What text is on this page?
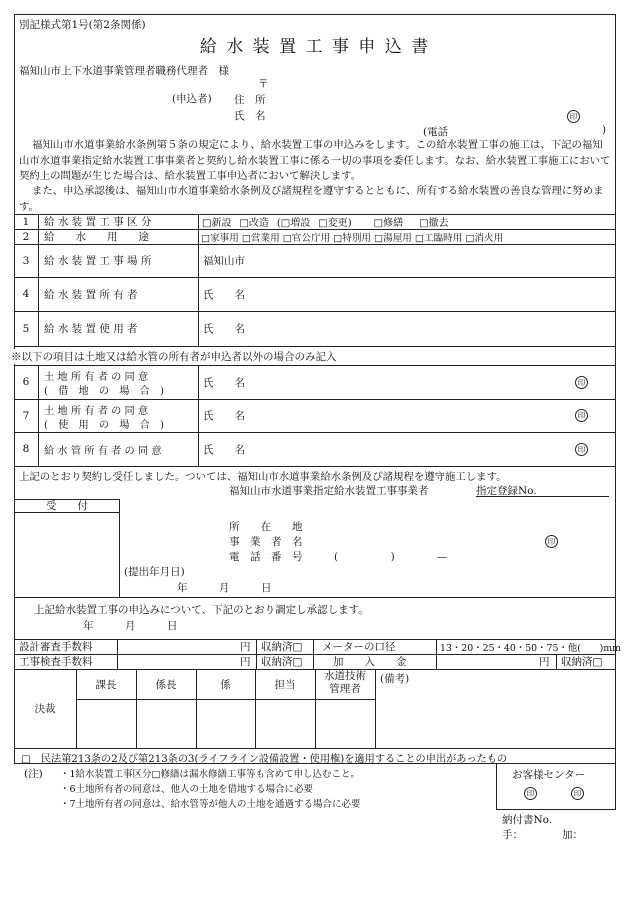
別記様式第1号(第2条関係)
給 水 装 置 工 事 申 込 書
福知山市上下水道事業管理者職務代理者　様
〒
(申込者) 住　所
氏　名	印
(電話	)
福知山市水道事業給水条例第５条の規定により、給水装置工事の申込みをします。この給水装置工事の施工は、下記の福知山市水道事業指定給水装置工事事業者と契約し給水装置工事に係る一切の事項を委任します。なお、給水装置工事施工において契約上の問題が生じた場合は、給水装置工事申込者において解決します。
また、申込承認後は、福知山市水道事業給水条例及び諸規程を遵守するとともに、所有する給水装置の善良な管理に努めます。
1	給 水 装 置 工 事 区 分	□新設 □改造 (□増設 □変更) □修繕 □撤去
2	給　　水　　用　　途	□家事用 □営業用 □官公庁用 □特別用 □湯屋用 □工臨時用 □消火用
3	給 水 装 置 工 事 場 所	福知山市
4	給 水 装 置 所 有 者	氏　　名
5	給 水 装 置 使 用 者	氏　　名
※以下の項目は土地又は給水管の所有者が申込者以外の場合のみ記入
6	土 地 所 有 者 の 同 意
(　借　地　の　場　合　)
氏　　名	印
7	土 地 所 有 者 の 同 意
(　使　用　の　場　合　)
氏　　名	印
8	給 水 管 所 有 者 の 同 意	氏　　名	印
上記のとおり契約し受任しました。ついては、福知山市水道事業給水条例及び諸規程を遵守施工します。
福知山市水道事業指定給水装置工事事業者	指定登録No.
受　　付
所　　在　　地
事　業　者　名	印
電　話　番　号	(　　　　　)　　　　—
(提出年月日)
年　　　月　　　日
上記給水装置工事の申込みについて、下記のとおり調定し承認します。
年　　　月　　　日
設計審査手数料	円 収納済□ メーターの口径	13・20・25・40・50・75・他(　　)mm
工事検査手数料	円 収納済□	加　　入　　金	円 収納済□
決裁
課長	係長	係	担当
水道技術管理者
(備考)
□　民法第213条の2及び第213条の3(ライフライン設備設置・使用権)を適用することの申出があったもの
(注) ・1給水装置工事区分□修繕は漏水修繕工事等も含めて申し込むこと。
・6土地所有者の同意は、他人の土地を借地する場合に必要
・7土地所有者の同意は、給水管等が他人の土地を通過する場合に必要
お客様センター
印	印
納付書No.
手：	加：
